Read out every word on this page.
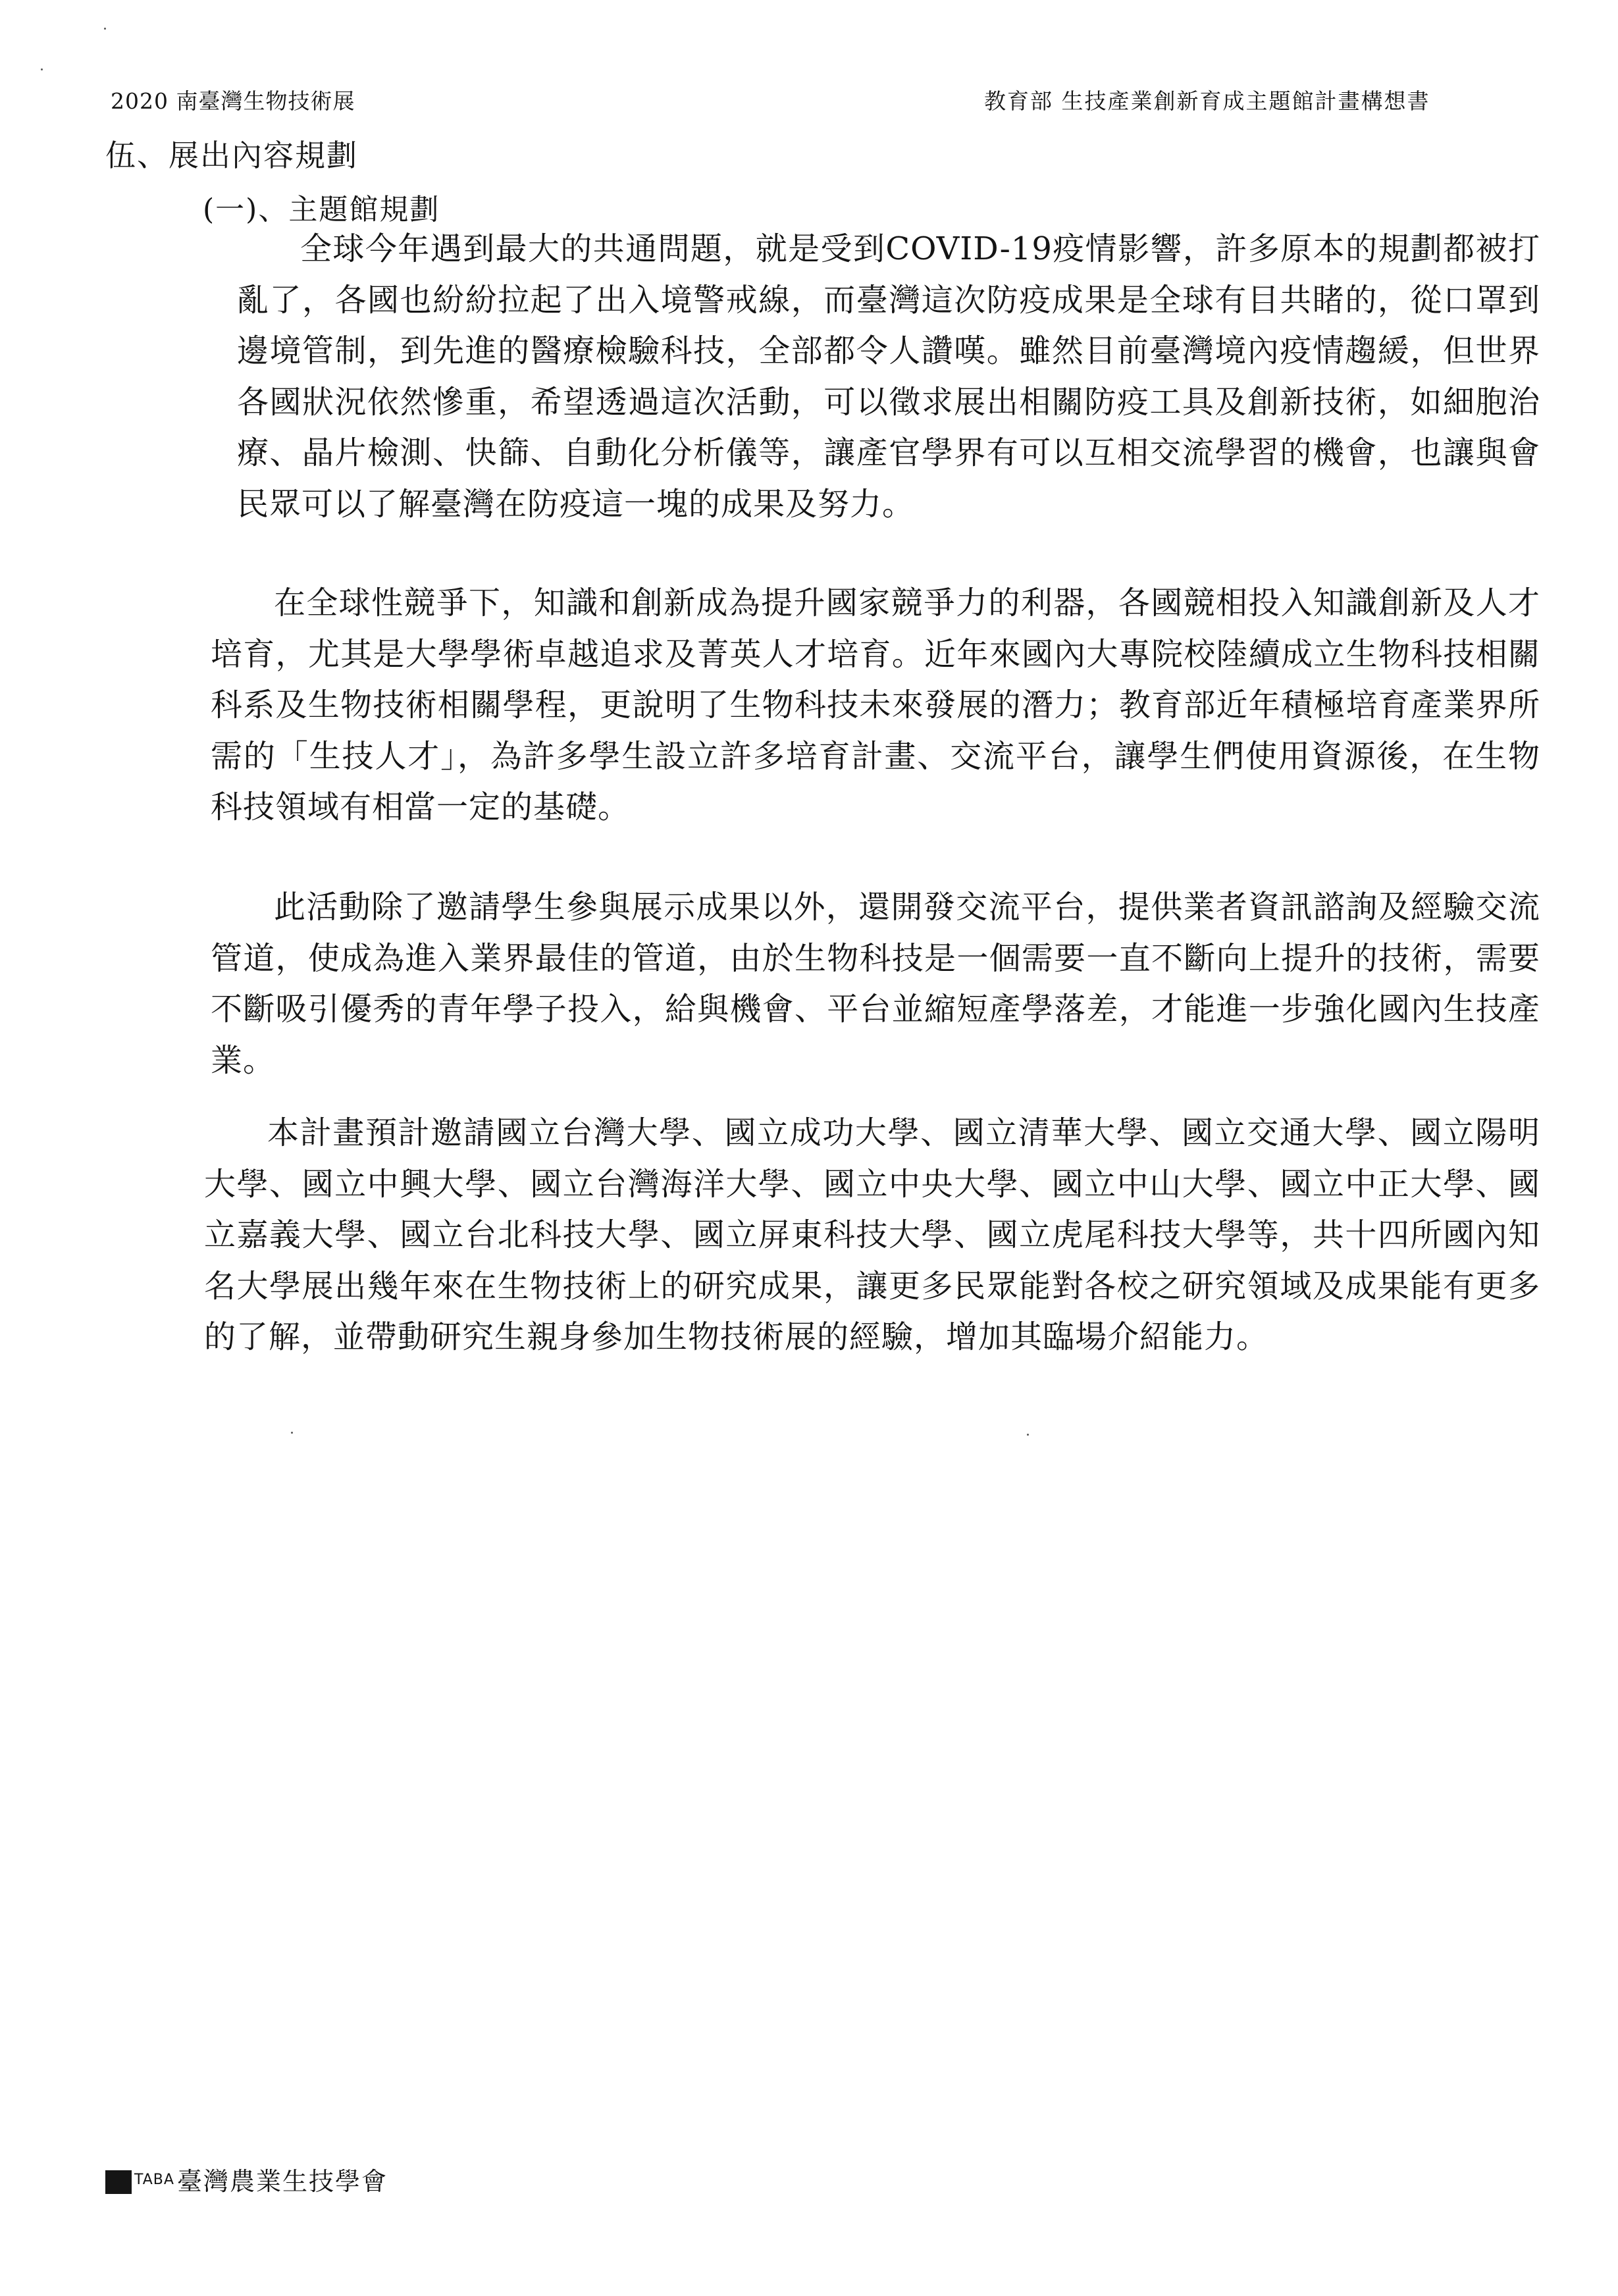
2020 南臺灣生物技術展	教育部 生技產業創新育成主題館計畫構想書
伍、展出內容規劃
(一)、主題館規劃

全球今年遇到最大的共通問題，就是受到COVID-19疫情影響，許多原本的規劃都被打亂了，各國也紛紛拉起了出入境警戒線，而臺灣這次防疫成果是全球有目共睹的，從口罩到邊境管制，到先進的醫療檢驗科技，全部都令人讚嘆。雖然目前臺灣境內疫情趨緩，但世界各國狀況依然慘重，希望透過這次活動，可以徵求展出相關防疫工具及創新技術，如細胞治療、晶片檢測、快篩、自動化分析儀等，讓產官學界有可以互相交流學習的機會，也讓與會民眾可以了解臺灣在防疫這一塊的成果及努力。

在全球性競爭下，知識和創新成為提升國家競爭力的利器，各國競相投入知識創新及人才培育，尤其是大學學術卓越追求及菁英人才培育。近年來國內大專院校陸續成立生物科技相關科系及生物技術相關學程，更說明了生物科技未來發展的潛力；教育部近年積極培育產業界所需的「生技人才」，為許多學生設立許多培育計畫、交流平台，讓學生們使用資源後，在生物科技領域有相當一定的基礎。

此活動除了邀請學生參與展示成果以外，還開發交流平台，提供業者資訊諮詢及經驗交流管道，使成為進入業界最佳的管道，由於生物科技是一個需要一直不斷向上提升的技術，需要不斷吸引優秀的青年學子投入，給與機會、平台並縮短產學落差，才能進一步強化國內生技產業。

本計畫預計邀請國立台灣大學、國立成功大學、國立清華大學、國立交通大學、國立陽明大學、國立中興大學、國立台灣海洋大學、國立中央大學、國立中山大學、國立中正大學、國立嘉義大學、國立台北科技大學、國立屏東科技大學、國立虎尾科技大學等，共十四所國內知名大學展出幾年來在生物技術上的研究成果，讓更多民眾能對各校之研究領域及成果能有更多的了解，並帶動研究生親身參加生物技術展的經驗，增加其臨場介紹能力。

TABA 臺灣農業生技學會
